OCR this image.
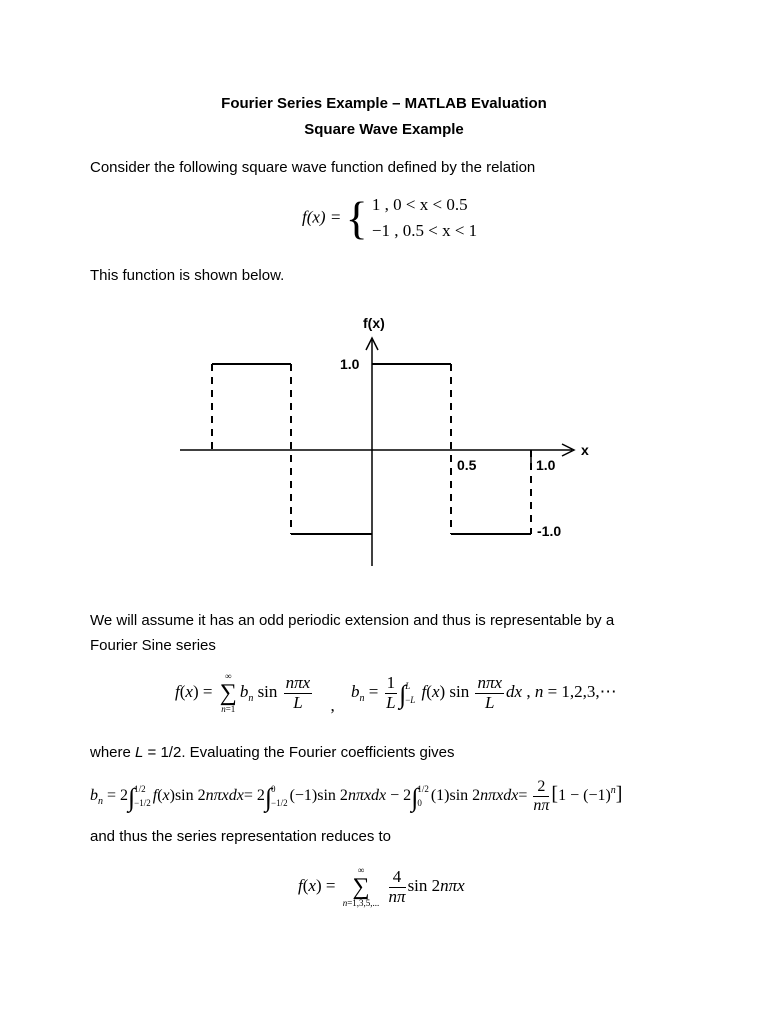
Fourier Series Example – MATLAB Evaluation
Square Wave Example
Consider the following square wave function defined by the relation
f(x) = { 1 , 0 < x < 0.5
−1 , 0.5 < x < 1
This function is shown below.
f(x)
x
1.0
0.5	1.0
-1.0
We will assume it has an odd periodic extension and thus is representable by a
Fourier Sine series
f(x) =
∞
∑
n=1
$b_n$ $\sin \frac{\text{nπx}}{L}$ , $b_n = \frac{1}{L}$ ∫ L
−L f(x) $\sin \frac{\text{nπx}}{L}$ dx , n = 1,2,3,⋯
where L = 1/2. Evaluating the Fourier coefficients gives
$b_n = 2\int$ 1/2
−1/2 f(x)sin 2nπxdx= 2∫ 0
−1/2 (−1)sin 2nπxdx − 2∫ 1/2
0 (1)sin $2n\pi xdx= \frac{2}{n\pi} [1 - (-1)^n]$
and thus the series representation reduces to
f(x) =
∞
∑
n=1,3,5,...
$\frac{4}{n\pi}$ sin 2nπx
